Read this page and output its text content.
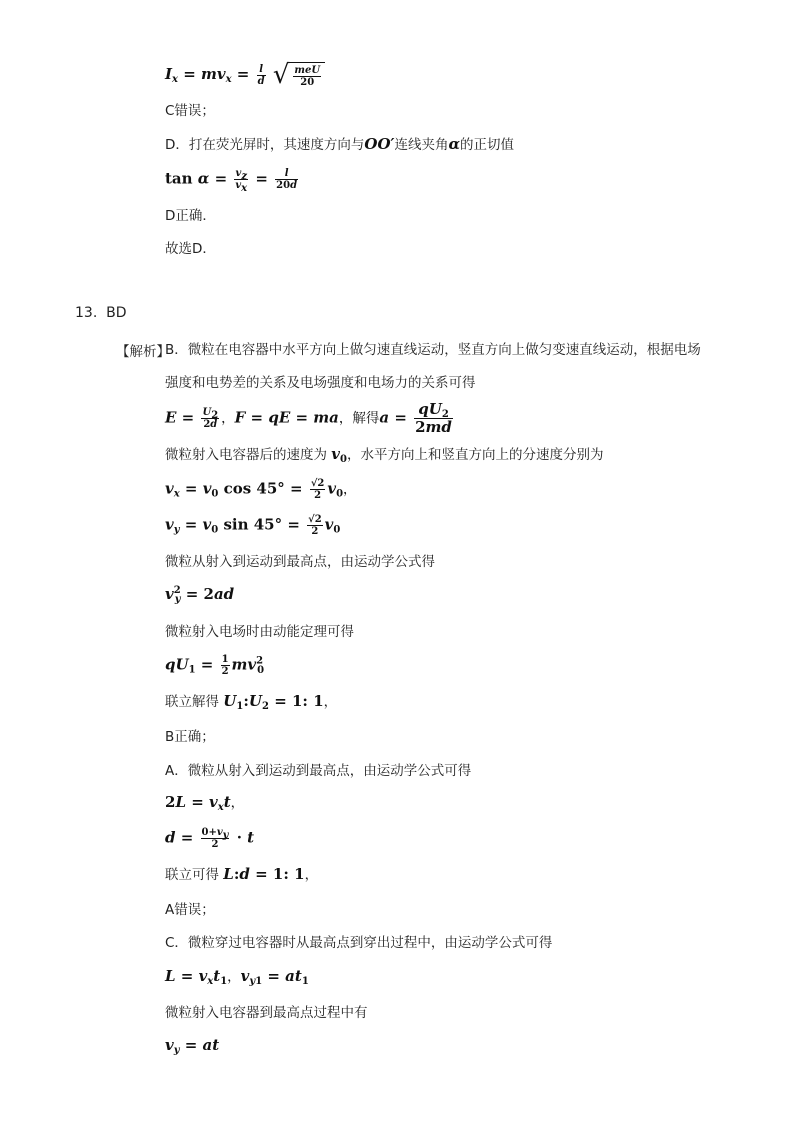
$I_x = mv_x = \frac{l}{d}$ √ $\frac{\text{meU}}{20}$
C错误；
D．打在荧光屏时，其速度方向与OO′连线夹角α的正切值
$\tan \alpha = \frac{v_z}{v_x} = \frac{l}{20d}$
D正确．
故选D．
13. BD
【解析】
B．微粒在电容器中水平方向上做匀速直线运动，竖直方向上做匀变速直线运动，根据电场
强度和电势差的关系及电场强度和电场力的关系可得
$E = \frac{U_2}{2d}$ ，F = qE = ma，解得$a = \frac{qU_2}{2md}$
微粒射入电容器后的速度为 $v_0$，水平方向上和竖直方向上的分速度分别为
$v_x = v_0$ $\cos 45^\circ = \frac{√2}{2} v_0$，
$v_y = v_0$ $\sin 45^\circ = \frac{√2}{2} v_0$
微粒从射入到运动到最高点，由运动学公式得
$v^2_y = 2ad$
微粒射入电场时由动能定理可得
$qU_1 = \frac{1}{2} mv^2_0$
联立解得 $U_1:U_2 = 1$: 1，
B正确；
A．微粒从射入到运动到最高点，由运动学公式可得
$2L = v_xt$，
$d = \frac{0+v_y}{2} \cdot t$
联立可得 L:d = 1: 1，
A错误；
C．微粒穿过电容器时从最高点到穿出过程中，由运动学公式可得
$L = v_xt_1$，$v_{y1} = at_1$
微粒射入电容器到最高点过程中有
$v_y$ = at
